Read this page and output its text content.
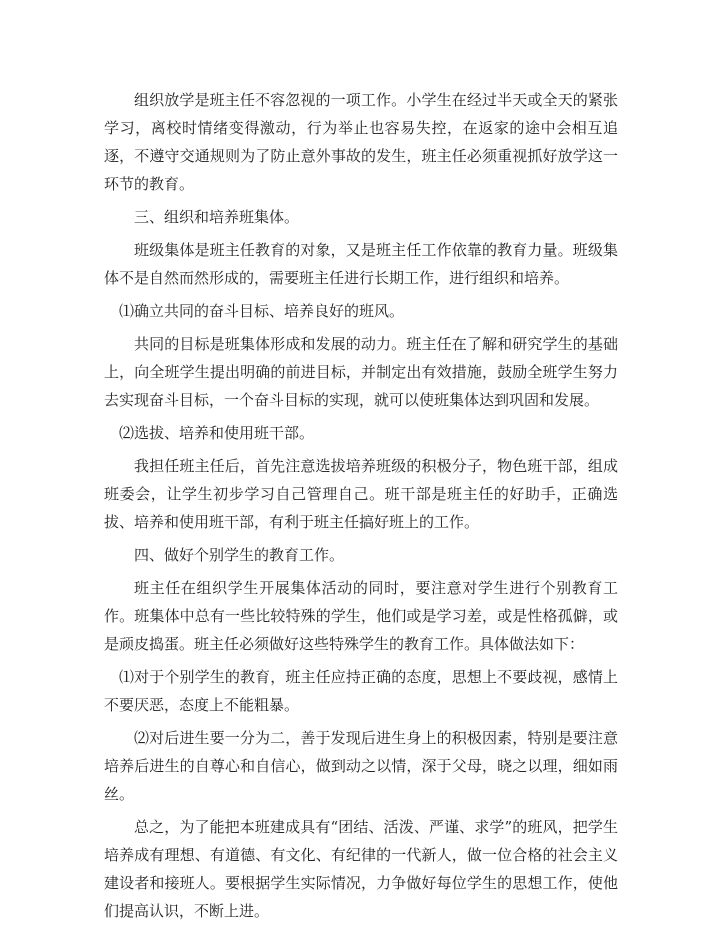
组织放学是班主任不容忽视的一项工作。小学生在经过半天或全天的紧张学习，离校时情绪变得激动，行为举止也容易失控，在返家的途中会相互追逐，不遵守交通规则为了防止意外事故的发生，班主任必须重视抓好放学这一环节的教育。

三、组织和培养班集体。

班级集体是班主任教育的对象，又是班主任工作依靠的教育力量。班级集体不是自然而然形成的，需要班主任进行长期工作，进行组织和培养。

⑴确立共同的奋斗目标、培养良好的班风。

共同的目标是班集体形成和发展的动力。班主任在了解和研究学生的基础上，向全班学生提出明确的前进目标，并制定出有效措施，鼓励全班学生努力去实现奋斗目标，一个奋斗目标的实现，就可以使班集体达到巩固和发展。

⑵选拔、培养和使用班干部。

我担任班主任后，首先注意选拔培养班级的积极分子，物色班干部，组成班委会，让学生初步学习自己管理自己。班干部是班主任的好助手，正确选拔、培养和使用班干部，有利于班主任搞好班上的工作。

四、做好个别学生的教育工作。

班主任在组织学生开展集体活动的同时，要注意对学生进行个别教育工作。班集体中总有一些比较特殊的学生，他们或是学习差，或是性格孤僻，或是顽皮捣蛋。班主任必须做好这些特殊学生的教育工作。具体做法如下：

⑴对于个别学生的教育，班主任应持正确的态度，思想上不要歧视，感情上不要厌恶，态度上不能粗暴。

⑵对后进生要一分为二，善于发现后进生身上的积极因素，特别是要注意培养后进生的自尊心和自信心，做到动之以情，深于父母，晓之以理，细如雨丝。

总之，为了能把本班建成具有“团结、活泼、严谨、求学”的班风，把学生培养成有理想、有道德、有文化、有纪律的一代新人，做一位合格的社会主义建设者和接班人。要根据学生实际情况，力争做好每位学生的思想工作，使他们提高认识，不断上进。
